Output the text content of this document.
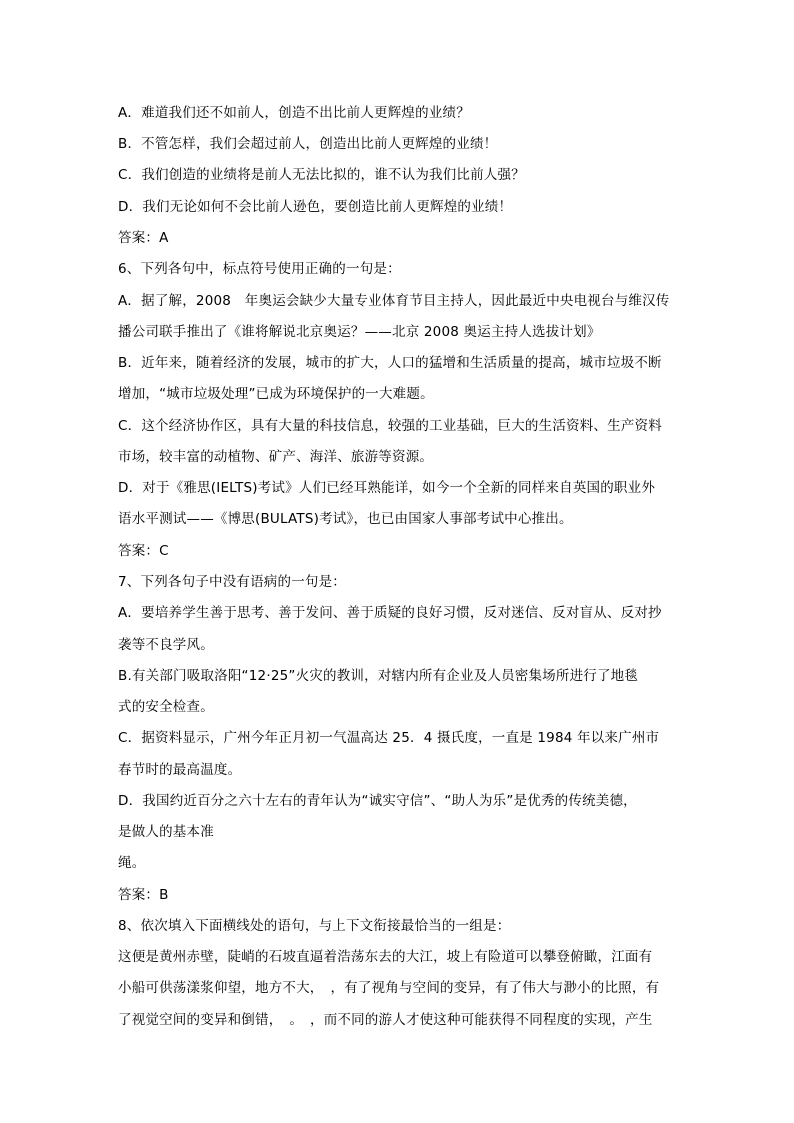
A．难道我们还不如前人，创造不出比前人更辉煌的业绩？
B．不管怎样，我们会超过前人，创造出比前人更辉煌的业绩！
C．我们创造的业绩将是前人无法比拟的，谁不认为我们比前人强？
D．我们无论如何不会比前人逊色，要创造比前人更辉煌的业绩！
答案：A
6、下列各句中，标点符号使用正确的一句是：
A．据了解，2008　年奥运会缺少大量专业体育节目主持人，因此最近中央电视台与维汉传
播公司联手推出了《谁将解说北京奥运？——北京 2008 奥运主持人选拔计划》
B．近年来，随着经济的发展，城市的扩大，人口的猛增和生活质量的提高，城市垃圾不断
增加，“城市垃圾处理”已成为环境保护的一大难题。
C．这个经济协作区，具有大量的科技信息，较强的工业基础，巨大的生活资料、生产资料
市场，较丰富的动植物、矿产、海洋、旅游等资源。
D．对于《雅思(IELTS)考试》人们已经耳熟能详，如今一个全新的同样来自英国的职业外
语水平测试——《博思(BULATS)考试》，也已由国家人事部考试中心推出。
答案：C
7、下列各句子中没有语病的一句是：
A．要培养学生善于思考、善于发问、善于质疑的良好习惯，反对迷信、反对盲从、反对抄
袭等不良学风。
B.有关部门吸取洛阳“12·25”火灾的教训，对辖内所有企业及人员密集场所进行了地毯
式的安全检查。
C．据资料显示，广州今年正月初一气温高达 25．4 摄氏度，一直是 1984 年以来广州市
春节时的最高温度。
D．我国约近百分之六十左右的青年认为“诚实守信”、“助人为乐”是优秀的传统美德，
是做人的基本准
绳。
答案：B
8、依次填入下面横线处的语句，与上下文衔接最恰当的一组是：
这便是黄州赤壁，陡峭的石坡直逼着浩荡东去的大江，坡上有险道可以攀登俯瞰，江面有
小船可供荡漾浆仰望，地方不大，　，有了视角与空间的变异，有了伟大与渺小的比照，有
了视觉空间的变异和倒错，　。　，而不同的游人才使这种可能获得不同程度的实现，产生
